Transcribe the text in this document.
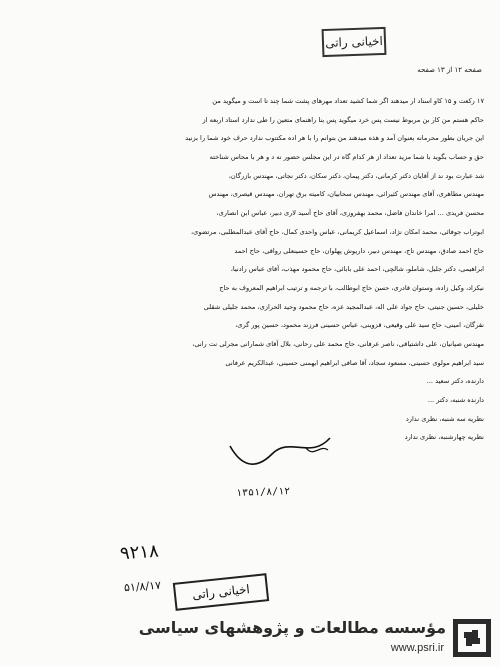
اخیانی راتی
صفحه ۱۲ از ۱۳ صفحه
۱۷ رکعت و ۱۵ کاو استاد ار میدهند اگر شما کشید تعداد مهرهای پشت شما چند تا است و میگوید من
حاکم هستم من کار بن مربوط نیست پس خرد میگوید پس بنا راهنمای متعین را طی ندارد استاد اربعه از
این جریان بطور محرمانه بعنوان آمد و هذه میدهند من بتوانم را با هر اده مکتتوب ندارد حرف خود شما را بزنید
حق و حساب بگوید با شما مزید تعداد از هر کدام گاه در این مجلس حضور نه د و هر با محاس شناخته
شد عبارت بود ند از آقایان دکتر کرمانی، دکتر پیمان، دکتر سکان، دکتر نجاتی، مهندس بازرگان،
مهندس مطاهری، آقای مهندس کثیرائی، مهندس سحابیان، کامیته برق تهران، مهندس قیصری، مهندس
محسن فریدی ... امرا خاندان فاضل، محمد بهفروزی، آقای حاج آسید لاری دبیر، عباس ابن انصاری،
ابوتراب جوفائی، محمد امکان نژاد، اسماعیل کریمانی، عباس واحدی کمال، حاج آقای عبدالمطلبی، مرتضوی،
حاج احمد صادق، مهندس تاج، مهندس دبیر، داریوش پهلوان، حاج حسینعلی رواقی، حاج احمد
ابراهیمی، دکتر جلیل، شاملو، شالچی، احمد علی بابائی، حاج محمود مهذب، آقای عباس رادنیا،
نیکزاد، وکیل زاده، وستوان قادری، حسن حاج ابوطالب، با ترجمه و ترتیب ابراهیم المعروف به حاج
خلیلی، حسین جنیتی، حاج جواد علی اله، عبدالمجید عزه، حاج محمود وحید الحرازی، محمد جلیلی شقلی
نقرگان، امینی، حاج سید علی وقیعی، قزوینی، عباس حسینی فرزند محمود، حسین پور گری،
مهندس صیانیان، علی داشتیاقی، ناصر عرفانی، حاج محمد علی رحانی، بلال آقای شمارانی مجرلی نت رانی،
سید ابراهیم مولوی حسینی، مسعود سجاد، آقا صافی ابراهیم ایهمنی حسینی، عبدالکریم عرفانی
دارنده، دکتر سعید ...
دارنده شنبه، دکتر ...
نظریه سه شنبه، نظری ندارد
نظریه چهارشنبه، نظری ندارد
۱۳۵۱/۸/۱۲
۹۲۱۸
۵۱/۸/۱۷	اخیانی راتی
مؤسسه مطالعات و پژوهشهای سیاسی
www.psri.ir
